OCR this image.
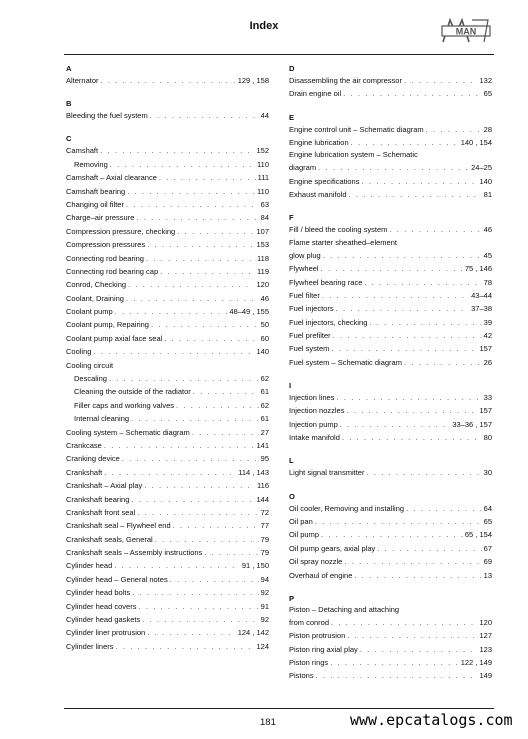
Index	MAN
A
Alternator . . .	129 , 158
B
Bleeding the fuel system . . .	44
C
Camshaft . . .	152
Removing . . .	110
Camshaft – Axial clearance . . .	111
Camshaft bearing . . .	110
Changing oil filter . . .	63
Charge–air pressure . . .	84
Compression pressure, checking . . .	107
Compression pressures . . .	153
Connecting rod bearing . . .	118
Connecting rod bearing cap . . .	119
Conrod, Checking . . .	120
Coolant, Draining . . .	46
Coolant pump . . .	48–49 , 155
Coolant pump, Repairing . . .	50
Coolant pump axial face seal . . .	60
Cooling . . .	140
Cooling circuit
Descaling . . .	62
Cleaning the outside of the radiator . . .	61
Filler caps and working valves . . .	62
Internal cleaning . . .	61
Cooling system – Schematic diagram . . .	27
Crankcase . . .	141
Cranking device . . .	95
Crankshaft . . .	114 , 143
Crankshaft – Axial play . . .	116
Crankshaft bearing . . .	144
Crankshaft front seal . . .	72
Crankshaft seal – Flywheel end . . .	77
Crankshaft seals, General . . .	79
Crankshaft seals – Assembly instructions . . .	79
Cylinder head . . .	91 , 150
Cylinder head – General notes . . .	94
Cylinder head bolts . . .	92
Cylinder head covers . . .	91
Cylinder head gaskets . . .	92
Cylinder liner protrusion . . .	124 , 142
Cylinder liners . . .	124
D
Disassembling the air compressor . . .	132
Drain engine oil . . .	65
E
Engine control unit – Schematic diagram . . .	28
Engine lubrication . . .	140 , 154
Engine lubrication system – Schematic
diagram . . .	24–25
Engine specifications . . .	140
Exhaust manifold . . .	81
F
Fill / bleed the cooling system . . .	46
Flame starter sheathed–element
glow plug . . .	45
Flywheel . . .	75 , 146
Flywheel bearing race . . .	78
Fuel filter . . .	43–44
Fuel injectors . . .	37–38
Fuel injectors, checking . . .	39
Fuel prefilter . . .	42
Fuel system . . .	157
Fuel system – Schematic diagram . . .	26
I
Injection lines . . .	33
Injection nozzles . . .	157
Injection pump . . .	33–36 , 157
Intake manifold . . .	80
L
Light signal transmitter . . .	30
O
Oil cooler, Removing and installing . . .	64
Oil pan . . .	65
Oil pump . . .	65 , 154
Oil pump gears, axial play . . .	67
Oil spray nozzle . . .	69
Overhaul of engine . . .	13
P
Piston – Detaching and attaching
from conrod . . .	120
Piston protrusion . . .	127
Piston ring axial play . . .	123
Piston rings . . .	122 , 149
Pistons . . .	149
181	www.epcatalogs.com
